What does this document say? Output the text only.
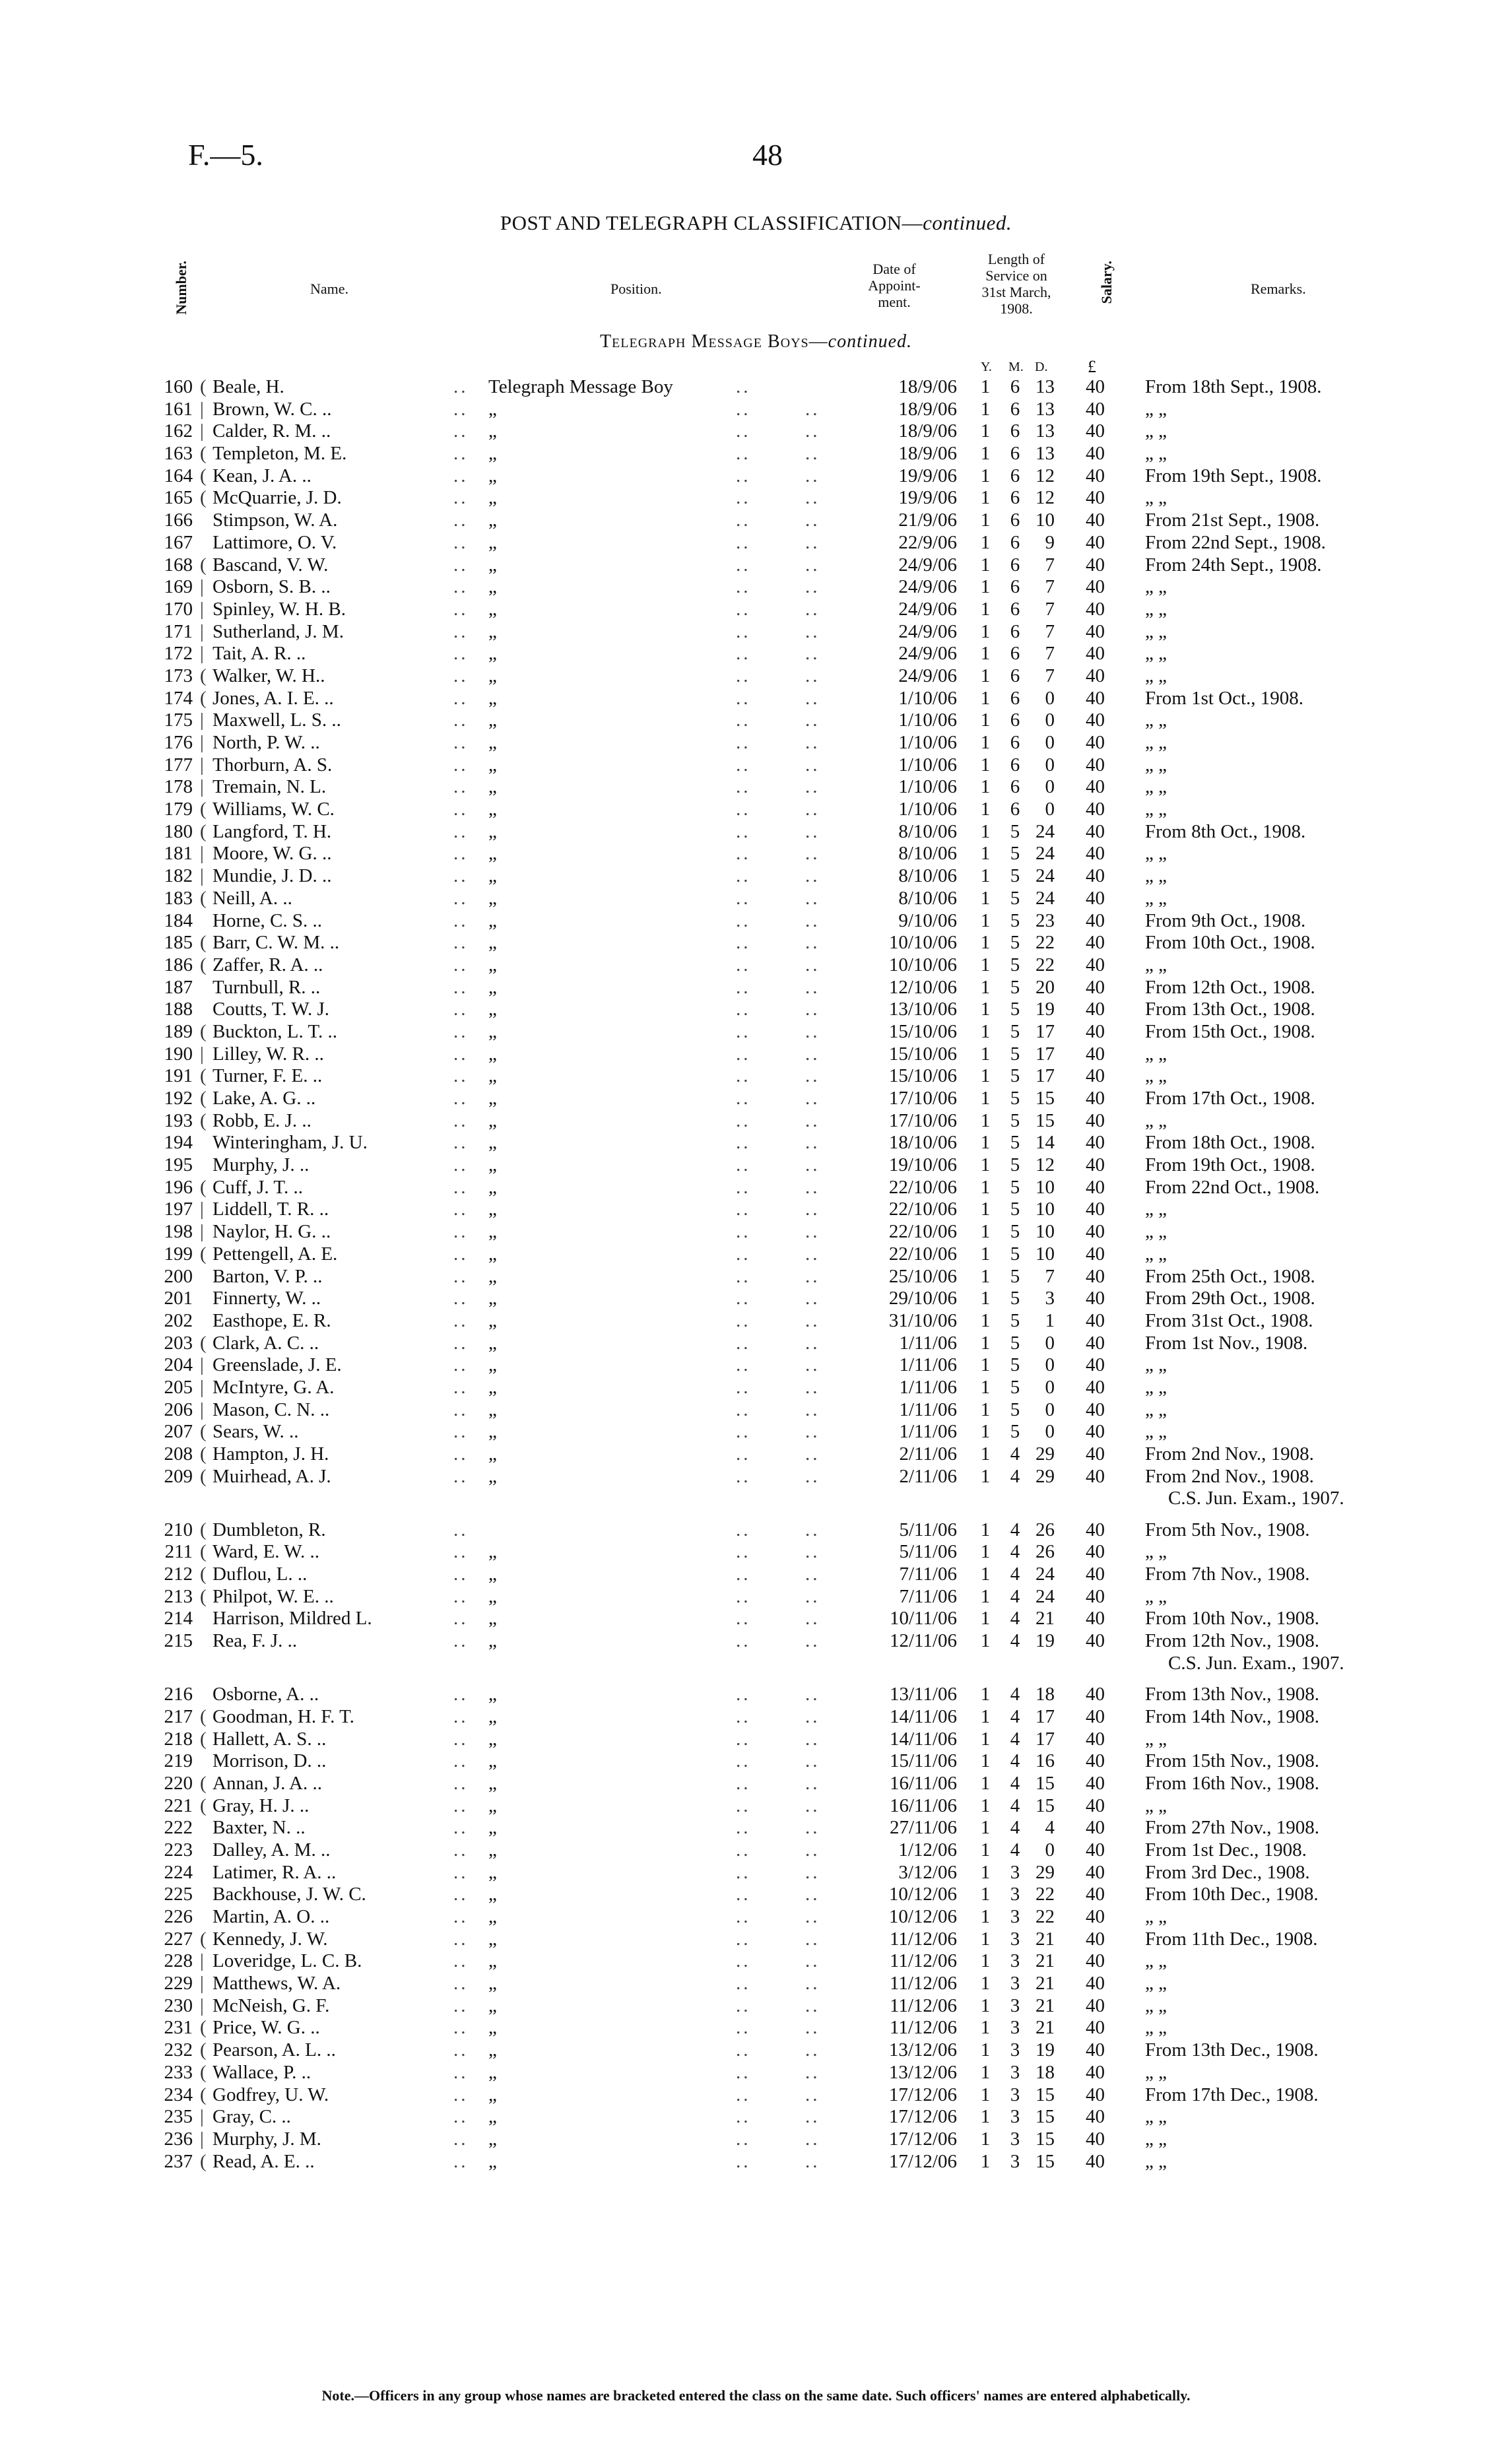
F.—5.	48
POST AND TELEGRAPH CLASSIFICATION—continued.
Number.	Name.	Position.
Date of
Appoint-
ment.
Length of
Service on
31st March,
1908.
Salary.	Remarks.
Telegraph Message Boys—continued.
Y. M. D. £
160 ( Beale, H.	.. Telegraph Message Boy	..	18/9/06 1 6 13 40	From 18th Sept., 1908.
161 | Brown, W. C. ..	.. „	..	..	18/9/06 1 6 13 40	„ „
162 | Calder, R. M. ..	.. „	..	..	18/9/06 1 6 13 40	„ „
163 ( Templeton, M. E.	.. „	..	..	18/9/06 1 6 13 40	„ „
164 ( Kean, J. A. ..	.. „	..	..	19/9/06 1 6 12 40	From 19th Sept., 1908.
165 ( McQuarrie, J. D.	.. „	..	..	19/9/06 1 6 12 40	„ „
166 Stimpson, W. A.	.. „	..	..	21/9/06 1 6 10 40	From 21st Sept., 1908.
167 Lattimore, O. V.	.. „	..	..	22/9/06 1 6	9 40	From 22nd Sept., 1908.
168 ( Bascand, V. W.	.. „	..	..	24/9/06 1 6	7 40	From 24th Sept., 1908.
169 | Osborn, S. B. ..	.. „	..	..	24/9/06 1 6	7 40	„ „
170 | Spinley, W. H. B.	.. „	..	..	24/9/06 1 6	7 40	„ „
171 | Sutherland, J. M.	.. „	..	..	24/9/06 1 6	7 40	„ „
172 | Tait, A. R. ..	.. „	..	..	24/9/06 1 6	7 40	„ „
173 ( Walker, W. H..	.. „	..	..	24/9/06 1 6	7 40	„ „
174 ( Jones, A. I. E. ..	.. „	..	..	1/10/06 1 6	0 40	From 1st Oct., 1908.
175 | Maxwell, L. S. ..	.. „	..	..	1/10/06 1 6	0 40	„ „
176 | North, P. W. ..	.. „	..	..	1/10/06 1 6	0 40	„ „
177 | Thorburn, A. S.	.. „	..	..	1/10/06 1 6	0 40	„ „
178 | Tremain, N. L.	.. „	..	..	1/10/06 1 6	0 40	„ „
179 ( Williams, W. C.	.. „	..	..	1/10/06 1 6	0 40	„ „
180 ( Langford, T. H.	.. „	..	..	8/10/06 1 5 24 40	From 8th Oct., 1908.
181 | Moore, W. G. ..	.. „	..	..	8/10/06 1 5 24 40	„ „
182 | Mundie, J. D. ..	.. „	..	..	8/10/06 1 5 24 40	„ „
183 ( Neill, A. ..	.. „	..	..	8/10/06 1 5 24 40	„ „
184 Horne, C. S. ..	.. „	..	..	9/10/06 1 5 23 40	From 9th Oct., 1908.
185 ( Barr, C. W. M. ..	.. „	..	..	10/10/06 1 5 22 40	From 10th Oct., 1908.
186 ( Zaffer, R. A. ..	.. „	..	..	10/10/06 1 5 22 40	„ „
187 Turnbull, R. ..	.. „	..	..	12/10/06 1 5 20 40	From 12th Oct., 1908.
188 Coutts, T. W. J.	.. „	..	..	13/10/06 1 5 19 40	From 13th Oct., 1908.
189 ( Buckton, L. T. ..	.. „	..	..	15/10/06 1 5 17 40	From 15th Oct., 1908.
190 | Lilley, W. R. ..	.. „	..	..	15/10/06 1 5 17 40	„ „
191 ( Turner, F. E. ..	.. „	..	..	15/10/06 1 5 17 40	„ „
192 ( Lake, A. G. ..	.. „	..	..	17/10/06 1 5 15 40	From 17th Oct., 1908.
193 ( Robb, E. J. ..	.. „	..	..	17/10/06 1 5 15 40	„ „
194 Winteringham, J. U.	.. „	..	..	18/10/06 1 5 14 40	From 18th Oct., 1908.
195 Murphy, J. ..	.. „	..	..	19/10/06 1 5 12 40	From 19th Oct., 1908.
196 ( Cuff, J. T. ..	.. „	..	..	22/10/06 1 5 10 40	From 22nd Oct., 1908.
197 | Liddell, T. R. ..	.. „	..	..	22/10/06 1 5 10 40	„ „
198 | Naylor, H. G. ..	.. „	..	..	22/10/06 1 5 10 40	„ „
199 ( Pettengell, A. E.	.. „	..	..	22/10/06 1 5 10 40	„ „
200 Barton, V. P. ..	.. „	..	..	25/10/06 1 5	7 40	From 25th Oct., 1908.
201 Finnerty, W. ..	.. „	..	..	29/10/06 1 5	3 40	From 29th Oct., 1908.
202 Easthope, E. R.	.. „	..	..	31/10/06 1 5	1 40	From 31st Oct., 1908.
203 ( Clark, A. C. ..	.. „	..	..	1/11/06 1 5	0 40	From 1st Nov., 1908.
204 | Greenslade, J. E.	.. „	..	..	1/11/06 1 5	0 40	„ „
205 | McIntyre, G. A.	.. „	..	..	1/11/06 1 5	0 40	„ „
206 | Mason, C. N. ..	.. „	..	..	1/11/06 1 5	0 40	„ „
207 ( Sears, W. ..	.. „	..	..	1/11/06 1 5	0 40	„ „
208 ( Hampton, J. H.	.. „	..	..	2/11/06 1 4 29 40	From 2nd Nov., 1908.
209 ( Muirhead, A. J.	.. „	..	..	2/11/06 1 4 29 40	From 2nd Nov., 1908.
C.S. Jun. Exam., 1907.
210 ( Dumbleton, R.	..	..	..	5/11/06 1 4 26 40	From 5th Nov., 1908.
211 ( Ward, E. W. ..	.. „	..	..	5/11/06 1 4 26 40	„ „
212 ( Duflou, L. ..	.. „	..	..	7/11/06 1 4 24 40	From 7th Nov., 1908.
213 ( Philpot, W. E. ..	.. „	..	..	7/11/06 1 4 24 40	„ „
214 Harrison, Mildred L.	.. „	..	..	10/11/06 1 4 21 40	From 10th Nov., 1908.
215 Rea, F. J. ..	.. „	..	..	12/11/06 1 4 19 40	From 12th Nov., 1908.
C.S. Jun. Exam., 1907.
216 Osborne, A. ..	.. „	..	..	13/11/06 1 4 18 40	From 13th Nov., 1908.
217 ( Goodman, H. F. T.	.. „	..	..	14/11/06 1 4 17 40	From 14th Nov., 1908.
218 ( Hallett, A. S. ..	.. „	..	..	14/11/06 1 4 17 40	„ „
219 Morrison, D. ..	.. „	..	..	15/11/06 1 4 16 40	From 15th Nov., 1908.
220 ( Annan, J. A. ..	.. „	..	..	16/11/06 1 4 15 40	From 16th Nov., 1908.
221 ( Gray, H. J. ..	.. „	..	..	16/11/06 1 4 15 40	„ „
222 Baxter, N. ..	.. „	..	..	27/11/06 1 4	4 40	From 27th Nov., 1908.
223 Dalley, A. M. ..	.. „	..	..	1/12/06 1 4	0 40	From 1st Dec., 1908.
224 Latimer, R. A. ..	.. „	..	..	3/12/06 1 3 29 40	From 3rd Dec., 1908.
225 Backhouse, J. W. C.	.. „	..	..	10/12/06 1 3 22 40	From 10th Dec., 1908.
226 Martin, A. O. ..	.. „	..	..	10/12/06 1 3 22 40	„ „
227 ( Kennedy, J. W.	.. „	..	..	11/12/06 1 3 21 40	From 11th Dec., 1908.
228 | Loveridge, L. C. B.	.. „	..	..	11/12/06 1 3 21 40	„ „
229 | Matthews, W. A.	.. „	..	..	11/12/06 1 3 21 40	„ „
230 | McNeish, G. F.	.. „	..	..	11/12/06 1 3 21 40	„ „
231 ( Price, W. G. ..	.. „	..	..	11/12/06 1 3 21 40	„ „
232 ( Pearson, A. L. ..	.. „	..	..	13/12/06 1 3 19 40	From 13th Dec., 1908.
233 ( Wallace, P. ..	.. „	..	..	13/12/06 1 3 18 40	„ „
234 ( Godfrey, U. W.	.. „	..	..	17/12/06 1 3 15 40	From 17th Dec., 1908.
235 | Gray, C. ..	.. „	..	..	17/12/06 1 3 15 40	„ „
236 | Murphy, J. M.	.. „	..	..	17/12/06 1 3 15 40	„ „
237 ( Read, A. E. ..	.. „	..	..	17/12/06 1 3 15 40	„ „
Note.—Officers in any group whose names are bracketed entered the class on the same date. Such officers' names are entered alphabetically.
